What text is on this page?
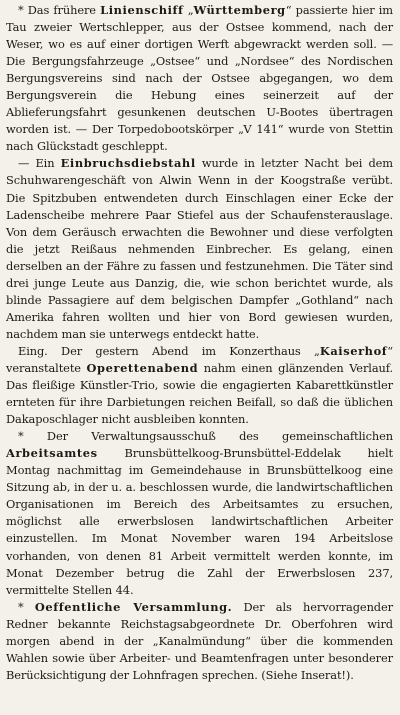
* Das frühere Linienschiff „Württemberg“ passierte hier im Tau zweier Wertschlepper, aus der Ostsee kommend, nach der Weser, wo es auf einer dortigen Werft abgewrackt werden soll. — Die Bergungsfahrzeuge „Ostsee“ und „Nordsee“ des Nordischen Bergungsvereins sind nach der Ostsee abgegangen, wo dem Bergungsverein die Hebung eines seinerzeit auf der Ablieferungsfahrt gesunkenen deutschen U-Bootes übertragen worden ist. — Der Torpedobootskörper „V 141“ wurde von Stettin nach Glückstadt geschleppt.

— Ein Einbruchsdiebstahl wurde in letzter Nacht bei dem Schuhwarengeschäft von Alwin Wenn in der Koogstraße verübt. Die Spitzbuben entwendeten durch Einschlagen einer Ecke der Ladenscheibe mehrere Paar Stiefel aus der Schaufensterauslage. Von dem Geräusch erwachten die Bewohner und diese verfolgten die jetzt Reißaus nehmenden Einbrecher. Es gelang, einen derselben an der Fähre zu fassen und festzunehmen. Die Täter sind drei junge Leute aus Danzig, die, wie schon berichtet wurde, als blinde Passagiere auf dem belgischen Dampfer „Gothland“ nach Amerika fahren wollten und hier von Bord gewiesen wurden, nachdem man sie unterwegs entdeckt hatte.

Eing. Der gestern Abend im Konzerthaus „Kaiserhof“ veranstaltete Operettenabend nahm einen glänzenden Verlauf. Das fleißige Künstler-Trio, sowie die engagierten Kabarettkünstler ernteten für ihre Darbietungen reichen Beifall, so daß die üblichen Dakaposchlager nicht ausbleiben konnten.

* Der Verwaltungsausschuß des gemeinschaftlichen Arbeitsamtes Brunsbüttelkoog-Brunsbüttel-Eddelak hielt Montag nachmittag im Gemeindehause in Brunsbüttelkoog eine Sitzung ab, in der u. a. beschlossen wurde, die landwirtschaftlichen Organisationen im Bereich des Arbeitsamtes zu ersuchen, möglichst alle erwerbslosen landwirtschaftlichen Arbeiter einzustellen. Im Monat November waren 194 Arbeitslose vorhanden, von denen 81 Arbeit vermittelt werden konnte, im Monat Dezember betrug die Zahl der Erwerbslosen 237, vermittelte Stellen 44.

* Oeffentliche Versammlung. Der als hervorragender Redner bekannte Reichstagsabgeordnete Dr. Oberfohren wird morgen abend in der „Kanalmündung“ über die kommenden Wahlen sowie über Arbeiter- und Beamtenfragen unter besonderer Berücksichtigung der Lohnfragen sprechen. (Siehe Inserat!).
